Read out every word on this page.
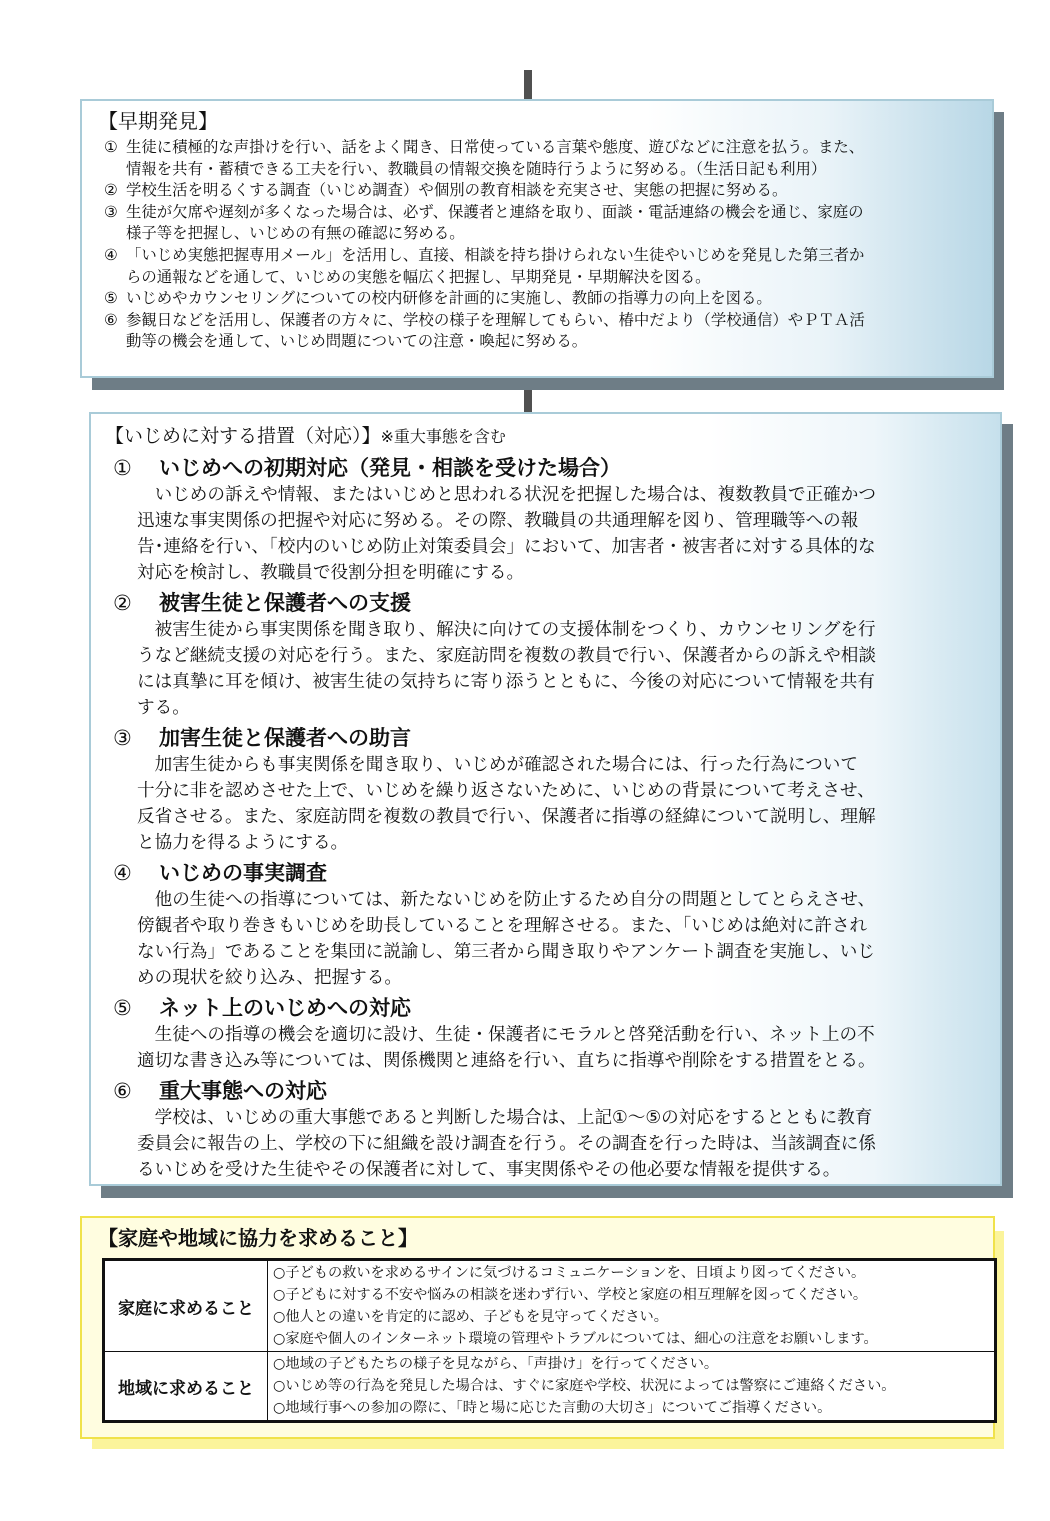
【早期発見】
① 生徒に積極的な声掛けを行い、話をよく聞き、日常使っている言葉や態度、遊びなどに注意を払う。また、
情報を共有・蓄積できる工夫を行い、教職員の情報交換を随時行うように努める。（生活日記も利用）
② 学校生活を明るくする調査（いじめ調査）や個別の教育相談を充実させ、実態の把握に努める。
③ 生徒が欠席や遅刻が多くなった場合は、必ず、保護者と連絡を取り、面談・電話連絡の機会を通じ、家庭の
様子等を把握し、いじめの有無の確認に努める。
④ 「いじめ実態把握専用メール」を活用し、直接、相談を持ち掛けられない生徒やいじめを発見した第三者か
らの通報などを通して、いじめの実態を幅広く把握し、早期発見・早期解決を図る。
⑤ いじめやカウンセリングについての校内研修を計画的に実施し、教師の指導力の向上を図る。
⑥ 参観日などを活用し、保護者の方々に、学校の様子を理解してもらい、椿中だより（学校通信）やＰＴＡ活
動等の機会を通して、いじめ問題についての注意・喚起に努める。
【いじめに対する措置（対応）】※重大事態を含む
① いじめへの初期対応（発見・相談を受けた場合）
　いじめの訴えや情報、またはいじめと思われる状況を把握した場合は、複数教員で正確かつ
迅速な事実関係の把握や対応に努める。その際、教職員の共通理解を図り、管理職等への報
告･連絡を行い、「校内のいじめ防止対策委員会」において、加害者・被害者に対する具体的な
対応を検討し、教職員で役割分担を明確にする。
② 被害生徒と保護者への支援
　被害生徒から事実関係を聞き取り、解決に向けての支援体制をつくり、カウンセリングを行
うなど継続支援の対応を行う。また、家庭訪問を複数の教員で行い、保護者からの訴えや相談
には真摯に耳を傾け、被害生徒の気持ちに寄り添うとともに、今後の対応について情報を共有
する。
③ 加害生徒と保護者への助言
　加害生徒からも事実関係を聞き取り、いじめが確認された場合には、行った行為について
十分に非を認めさせた上で、いじめを繰り返さないために、いじめの背景について考えさせ、
反省させる。また、家庭訪問を複数の教員で行い、保護者に指導の経緯について説明し、理解
と協力を得るようにする。
④ いじめの事実調査
　他の生徒への指導については、新たないじめを防止するため自分の問題としてとらえさせ、
傍観者や取り巻きもいじめを助長していることを理解させる。また、「いじめは絶対に許され
ない行為」であることを集団に説諭し、第三者から聞き取りやアンケート調査を実施し、いじ
めの現状を絞り込み、把握する。
⑤ ネット上のいじめへの対応
　生徒への指導の機会を適切に設け、生徒・保護者にモラルと啓発活動を行い、ネット上の不
適切な書き込み等については、関係機関と連絡を行い、直ちに指導や削除をする措置をとる。
⑥ 重大事態への対応
　学校は、いじめの重大事態であると判断した場合は、上記①～⑤の対応をするとともに教育
委員会に報告の上、学校の下に組織を設け調査を行う。その調査を行った時は、当該調査に係
るいじめを受けた生徒やその保護者に対して、事実関係やその他必要な情報を提供する。
【家庭や地域に協力を求めること】
家庭に求めること	○子どもの救いを求めるサインに気づけるコミュニケーションを、日頃より図ってください。
○子どもに対する不安や悩みの相談を迷わず行い、学校と家庭の相互理解を図ってください。
○他人との違いを肯定的に認め、子どもを見守ってください。
○家庭や個人のインターネット環境の管理やトラブルについては、細心の注意をお願いします。

地域に求めること	○地域の子どもたちの様子を見ながら、「声掛け」を行ってください。
○いじめ等の行為を発見した場合は、すぐに家庭や学校、状況によっては警察にご連絡ください。
○地域行事への参加の際に、「時と場に応じた言動の大切さ」についてご指導ください。
